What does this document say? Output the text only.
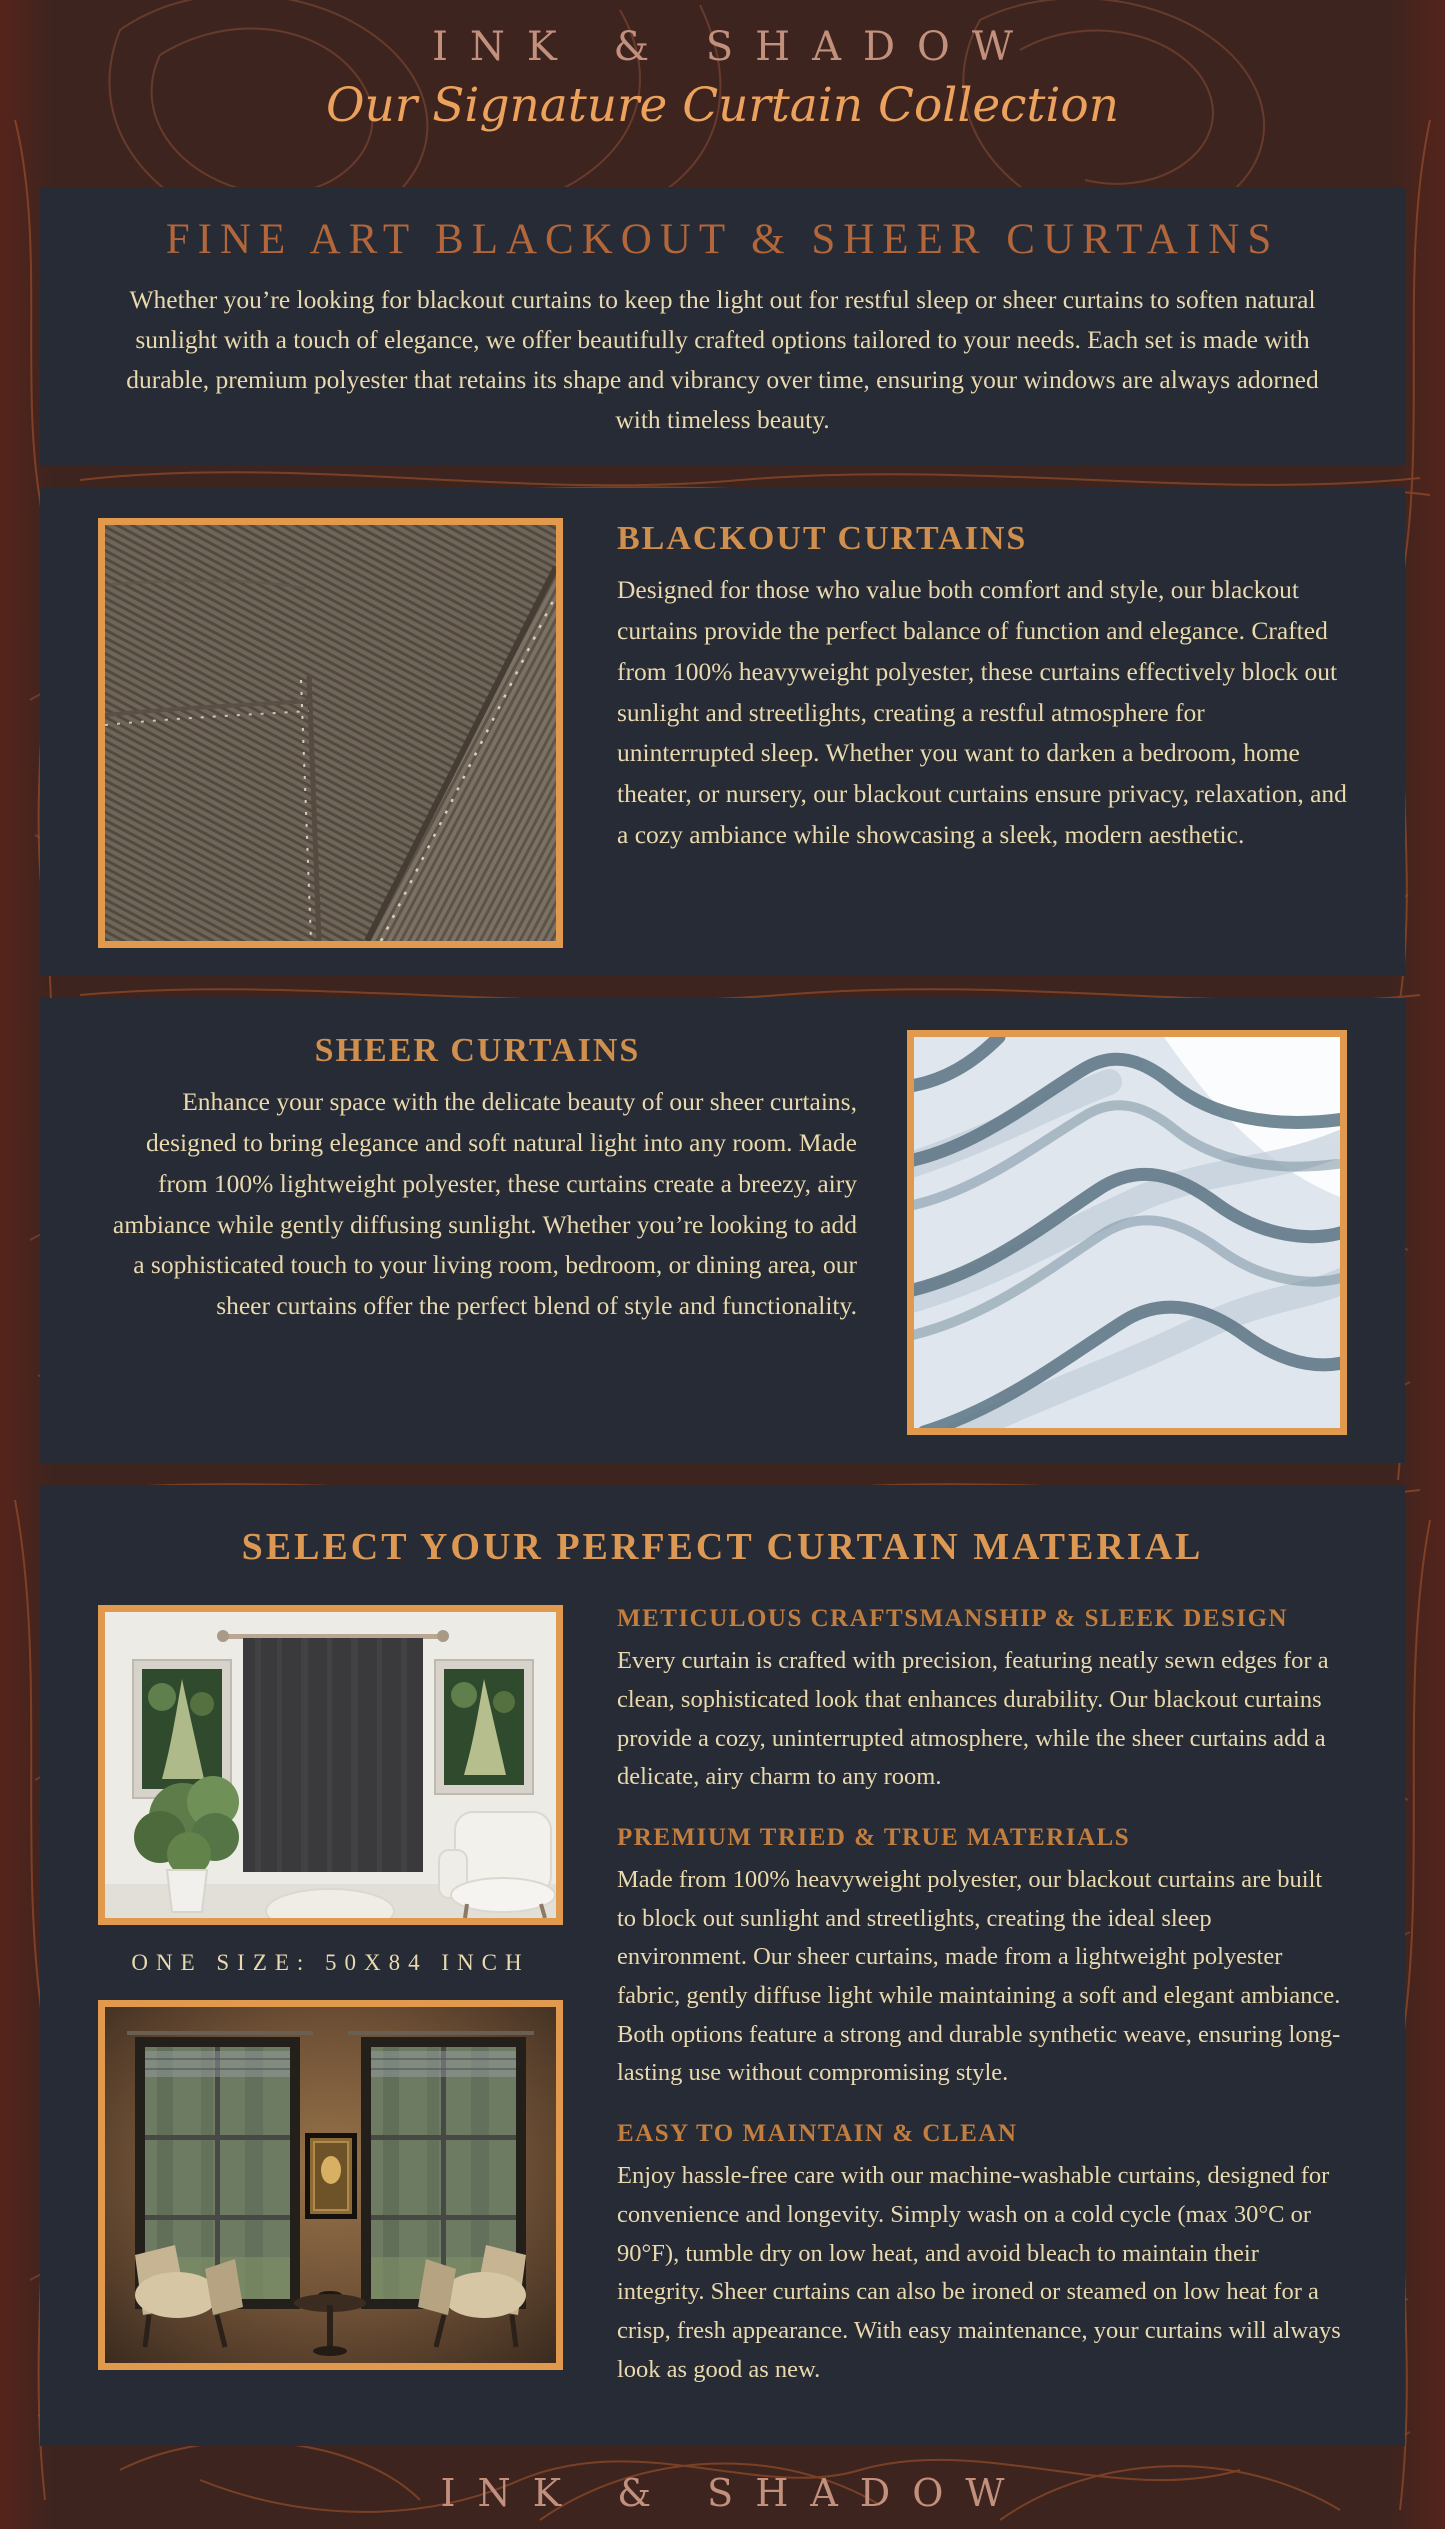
INK & SHADOW
Our Signature Curtain Collection
FINE ART BLACKOUT & SHEER CURTAINS

Whether you’re looking for blackout curtains to keep the light out for restful sleep or sheer curtains to soften natural sunlight with a touch of elegance, we offer beautifully crafted options tailored to your needs. Each set is made with durable, premium polyester that retains its shape and vibrancy over time, ensuring your windows are always adorned with timeless beauty.

BLACKOUT CURTAINS

Designed for those who value both comfort and style, our blackout curtains provide the perfect balance of function and elegance. Crafted from 100% heavyweight polyester, these curtains effectively block out sunlight and streetlights, creating a restful atmosphere for uninterrupted sleep. Whether you want to darken a bedroom, home theater, or nursery, our blackout curtains ensure privacy, relaxation, and a cozy ambiance while showcasing a sleek, modern aesthetic.

SHEER CURTAINS

Enhance your space with the delicate beauty of our sheer curtains, designed to bring elegance and soft natural light into any room. Made from 100% lightweight polyester, these curtains create a breezy, airy ambiance while gently diffusing sunlight. Whether you’re looking to add a sophisticated touch to your living room, bedroom, or dining area, our sheer curtains offer the perfect blend of style and functionality.

SELECT YOUR PERFECT CURTAIN MATERIAL
ONE SIZE: 50X84 INCH
METICULOUS CRAFTSMANSHIP & SLEEK DESIGN

Every curtain is crafted with precision, featuring neatly sewn edges for a clean, sophisticated look that enhances durability. Our blackout curtains provide a cozy, uninterrupted atmosphere, while the sheer curtains add a delicate, airy charm to any room.

PREMIUM TRIED & TRUE MATERIALS

Made from 100% heavyweight polyester, our blackout curtains are built to block out sunlight and streetlights, creating the ideal sleep environment. Our sheer curtains, made from a lightweight polyester fabric, gently diffuse light while maintaining a soft and elegant ambiance. Both options feature a strong and durable synthetic weave, ensuring long-lasting use without compromising style.

EASY TO MAINTAIN & CLEAN

Enjoy hassle-free care with our machine-washable curtains, designed for convenience and longevity. Simply wash on a cold cycle (max 30°C or 90°F), tumble dry on low heat, and avoid bleach to maintain their integrity. Sheer curtains can also be ironed or steamed on low heat for a crisp, fresh appearance. With easy maintenance, your curtains will always look as good as new.

INK & SHADOW
